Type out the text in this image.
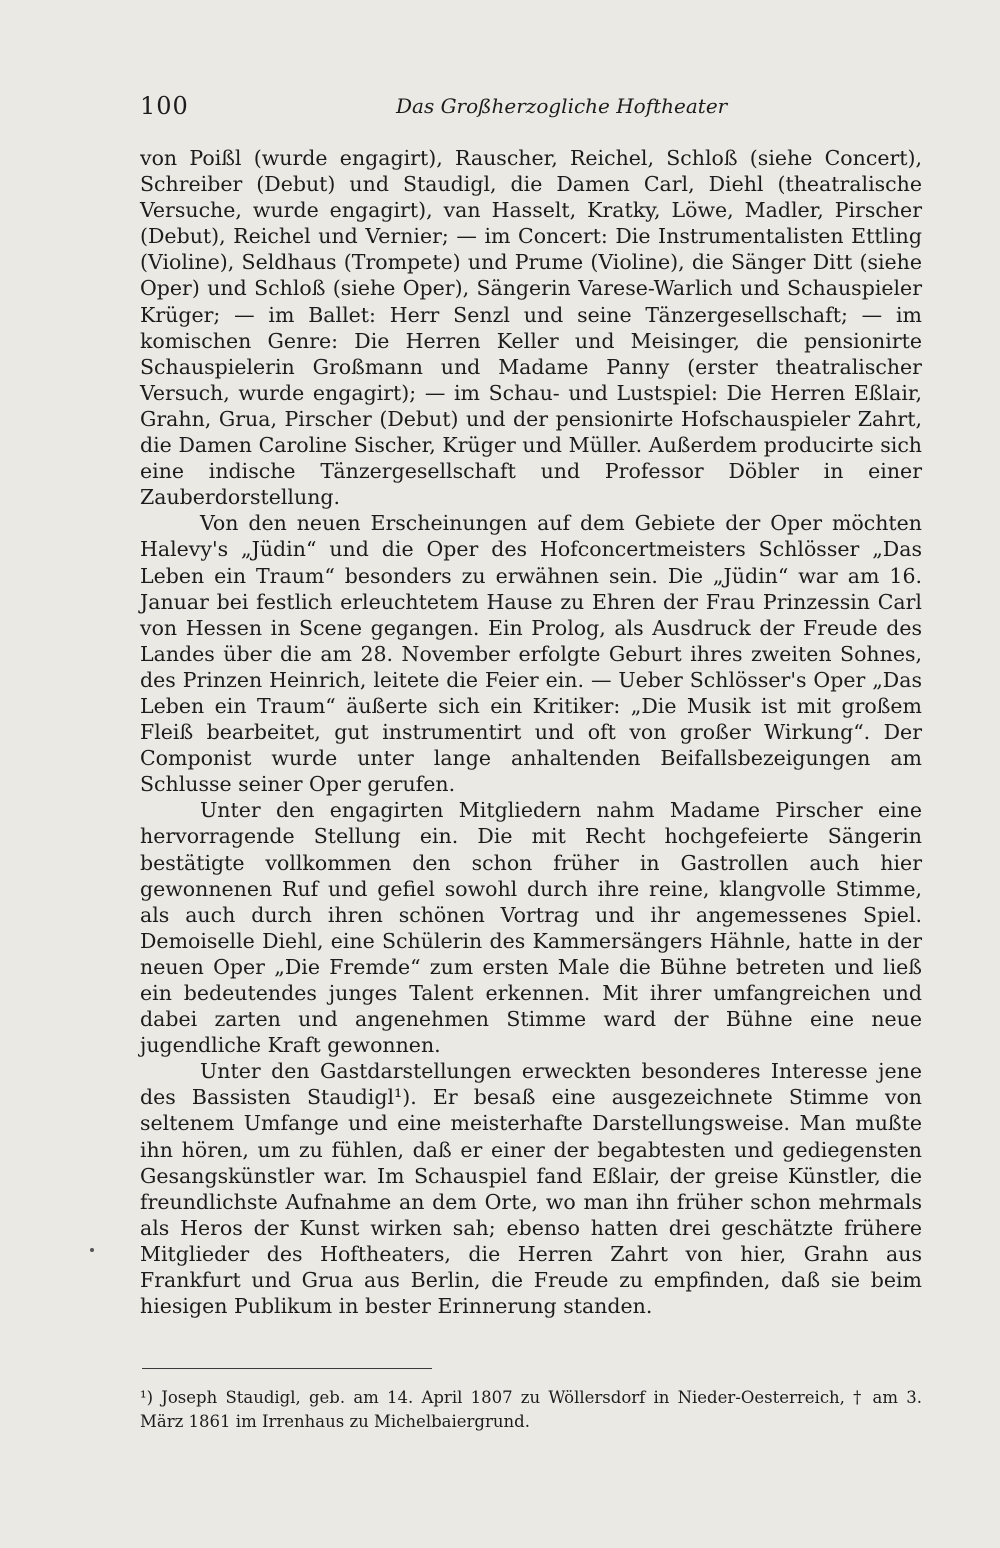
100	Das Großherzogliche Hoftheater

von Poißl (wurde engagirt), Rauscher, Reichel, Schloß (siehe Concert), Schreiber (Debut) und Staudigl, die Damen Carl, Diehl (theatralische Versuche, wurde engagirt), van Hasselt, Kratky, Löwe, Madler, Pirscher (Debut), Reichel und Vernier; — im Concert: Die Instrumentalisten Ettling (Violine), Seldhaus (Trompete) und Prume (Violine), die Sänger Ditt (siehe Oper) und Schloß (siehe Oper), Sängerin Varese-Warlich und Schauspieler Krüger; — im Ballet: Herr Senzl und seine Tänzergesellschaft; — im komischen Genre: Die Herren Keller und Meisinger, die pensionirte Schauspielerin Großmann und Madame Panny (erster theatralischer Versuch, wurde engagirt); — im Schau- und Lustspiel: Die Herren Eßlair, Grahn, Grua, Pirscher (Debut) und der pensionirte Hofschauspieler Zahrt, die Damen Caroline Sischer, Krüger und Müller. Außerdem producirte sich eine indische Tänzergesellschaft und Professor Döbler in einer Zauberdorstellung.

Von den neuen Erscheinungen auf dem Gebiete der Oper möchten Halevy's „Jüdin“ und die Oper des Hofconcertmeisters Schlösser „Das Leben ein Traum“ besonders zu erwähnen sein. Die „Jüdin“ war am 16. Januar bei festlich erleuchtetem Hause zu Ehren der Frau Prinzessin Carl von Hessen in Scene gegangen. Ein Prolog, als Ausdruck der Freude des Landes über die am 28. November erfolgte Geburt ihres zweiten Sohnes, des Prinzen Heinrich, leitete die Feier ein. — Ueber Schlösser's Oper „Das Leben ein Traum“ äußerte sich ein Kritiker: „Die Musik ist mit großem Fleiß bearbeitet, gut instrumentirt und oft von großer Wirkung“. Der Componist wurde unter lange anhaltenden Beifallsbezeigungen am Schlusse seiner Oper gerufen.

Unter den engagirten Mitgliedern nahm Madame Pirscher eine hervorragende Stellung ein. Die mit Recht hochgefeierte Sängerin bestätigte vollkommen den schon früher in Gastrollen auch hier gewonnenen Ruf und gefiel sowohl durch ihre reine, klangvolle Stimme, als auch durch ihren schönen Vortrag und ihr angemessenes Spiel. Demoiselle Diehl, eine Schülerin des Kammersängers Hähnle, hatte in der neuen Oper „Die Fremde“ zum ersten Male die Bühne betreten und ließ ein bedeutendes junges Talent erkennen. Mit ihrer umfangreichen und dabei zarten und angenehmen Stimme ward der Bühne eine neue jugendliche Kraft gewonnen.

Unter den Gastdarstellungen erweckten besonderes Interesse jene des Bassisten Staudigl¹). Er besaß eine ausgezeichnete Stimme von seltenem Umfange und eine meisterhafte Darstellungsweise. Man mußte ihn hören, um zu fühlen, daß er einer der begabtesten und gediegensten Gesangskünstler war. Im Schauspiel fand Eßlair, der greise Künstler, die freundlichste Aufnahme an dem Orte, wo man ihn früher schon mehrmals als Heros der Kunst wirken sah; ebenso hatten drei geschätzte frühere Mitglieder des Hoftheaters, die Herren Zahrt von hier, Grahn aus Frankfurt und Grua aus Berlin, die Freude zu empfinden, daß sie beim hiesigen Publikum in bester Erinnerung standen.

¹) Joseph Staudigl, geb. am 14. April 1807 zu Wöllersdorf in Nieder-Oesterreich, † am 3. März 1861 im Irrenhaus zu Michelbaiergrund.
